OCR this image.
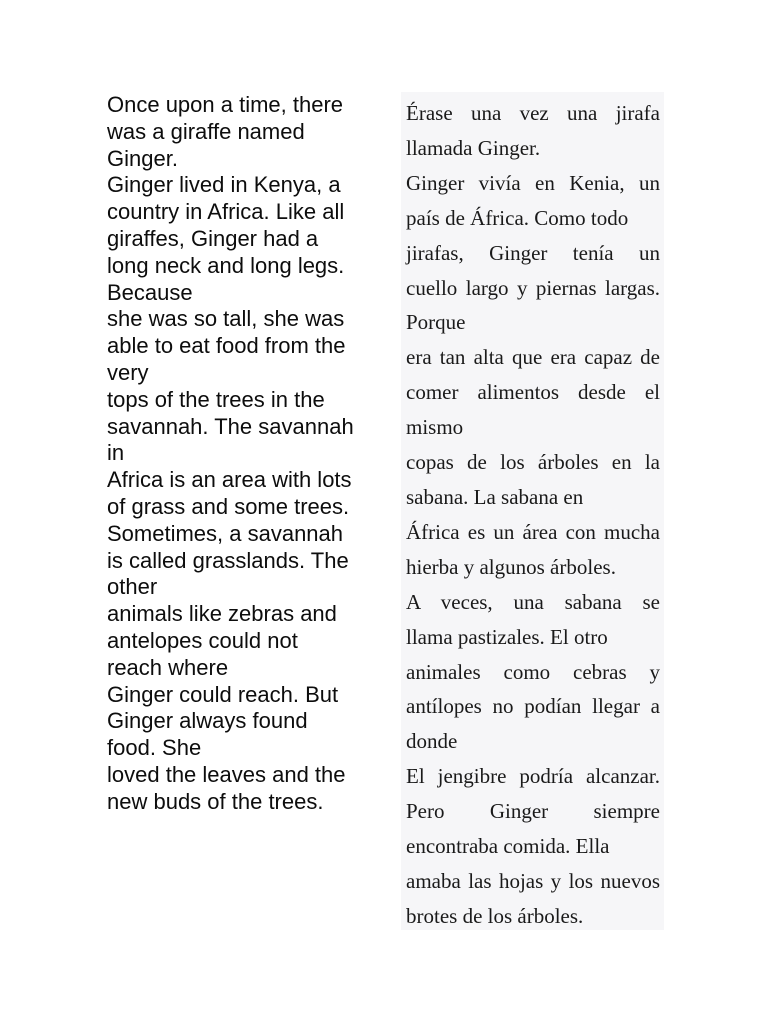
Once upon a time, there
was a giraffe named
Ginger.
Ginger lived in Kenya, a
country in Africa. Like all
giraffes, Ginger had a
long neck and long legs.
Because
she was so tall, she was
able to eat food from the
very
tops of the trees in the
savannah. The savannah
in
Africa is an area with lots
of grass and some trees.
Sometimes, a savannah
is called grasslands. The
other
animals like zebras and
antelopes could not
reach where
Ginger could reach. But
Ginger always found
food. She
loved the leaves and the
new buds of the trees.
Érase una vez una jirafa
llamada Ginger.
Ginger vivía en Kenia, un
país de África. Como todo
jirafas, Ginger tenía un
cuello largo y piernas largas.
Porque
era tan alta que era capaz de
comer alimentos desde el
mismo
copas de los árboles en la
sabana. La sabana en
África es un área con mucha
hierba y algunos árboles.
A veces, una sabana se
llama pastizales. El otro
animales como cebras y
antílopes no podían llegar a
donde
El jengibre podría alcanzar.
Pero Ginger siempre
encontraba comida. Ella
amaba las hojas y los nuevos
brotes de los árboles.
